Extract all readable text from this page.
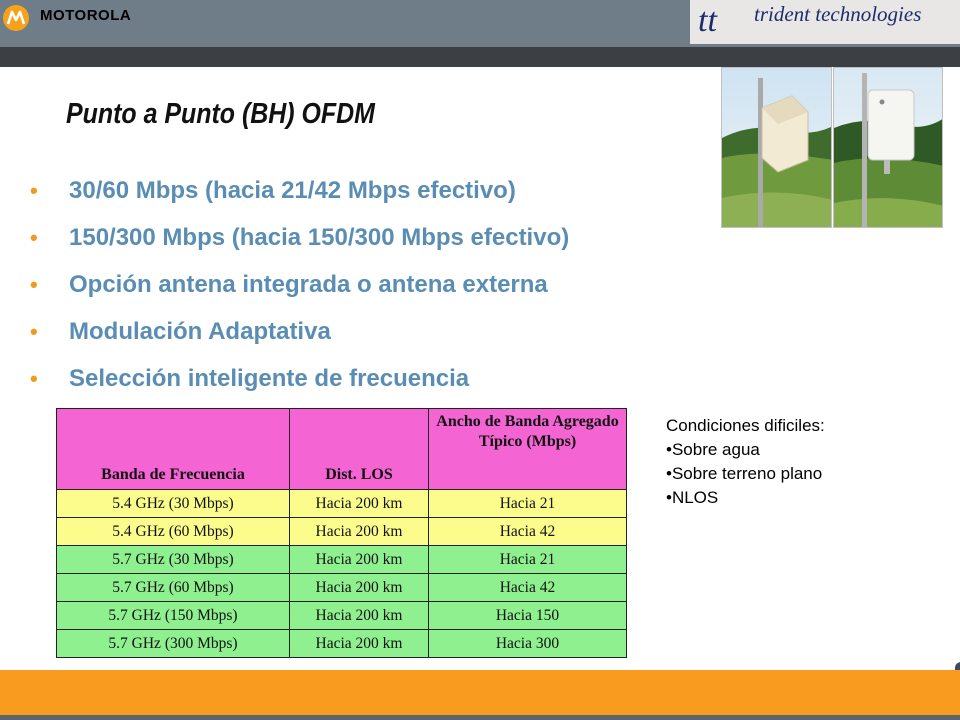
MOTOROLA	tt trident technologies
Punto a Punto (BH) OFDM
• 30/60 Mbps (hacia 21/42 Mbps efectivo)
• 150/300 Mbps (hacia 150/300 Mbps efectivo)
• Opción antena integrada o antena externa
• Modulación Adaptativa
• Selección inteligente de frecuencia
Banda de Frecuencia	Dist. LOS	Ancho de Banda Agregado Típico (Mbps)
5.4 GHz (30 Mbps)	Hacia 200 km	Hacia 21
5.4 GHz (60 Mbps)	Hacia 200 km	Hacia 42
5.7 GHz (30 Mbps)	Hacia 200 km	Hacia 21
5.7 GHz (60 Mbps)	Hacia 200 km	Hacia 42
5.7 GHz (150 Mbps)	Hacia 200 km	Hacia 150
5.7 GHz (300 Mbps)	Hacia 200 km	Hacia 300
Condiciones dificiles:
•Sobre agua
•Sobre terreno plano
•NLOS
